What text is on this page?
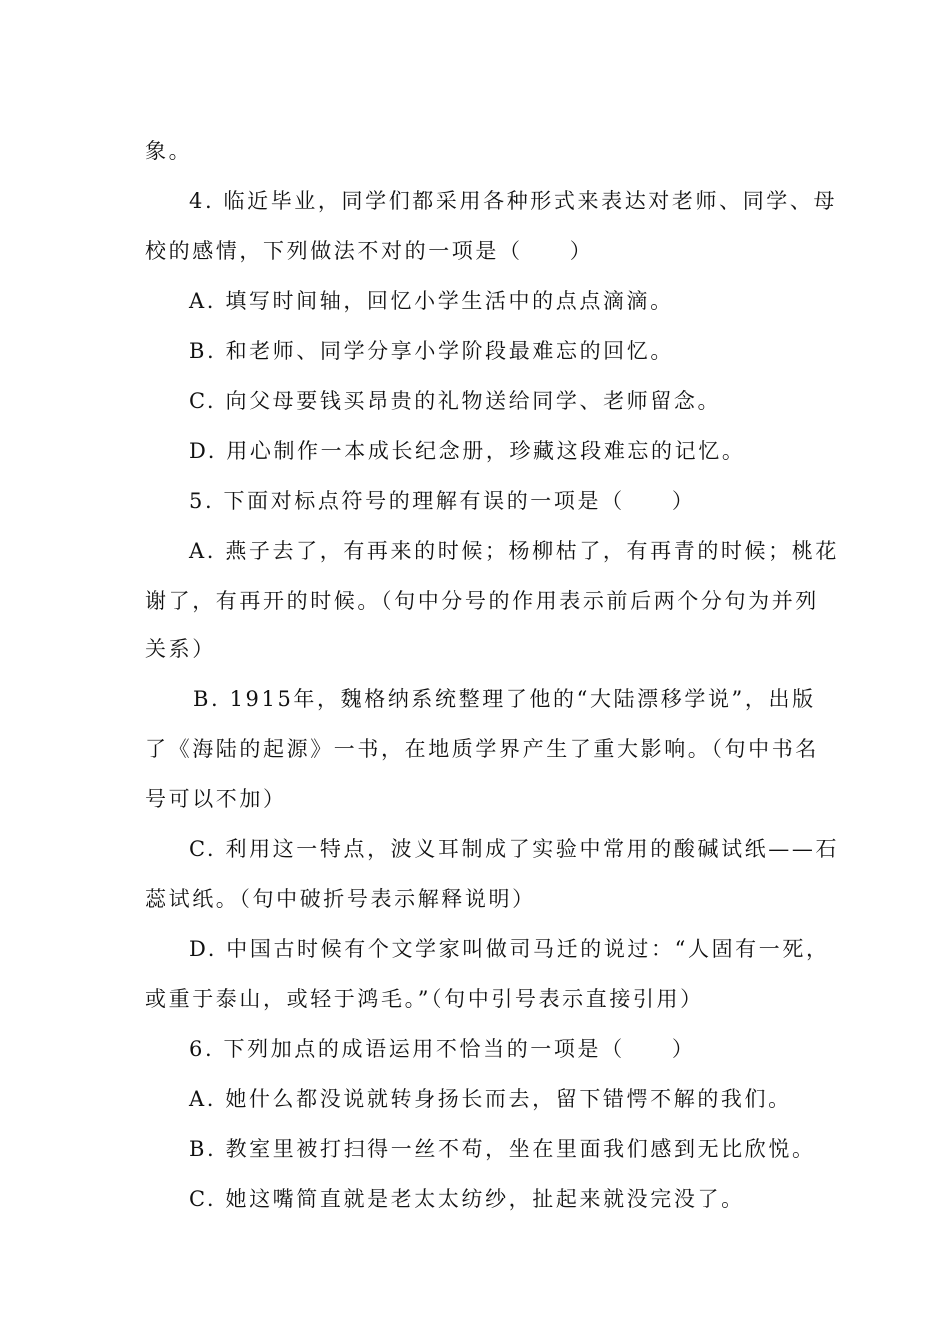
象。
4. 临近毕业，同学们都采用各种形式来表达对老师、同学、母
校的感情，下列做法不对的一项是（　　）
A. 填写时间轴，回忆小学生活中的点点滴滴。
B. 和老师、同学分享小学阶段最难忘的回忆。
C. 向父母要钱买昂贵的礼物送给同学、老师留念。
D. 用心制作一本成长纪念册，珍藏这段难忘的记忆。
5. 下面对标点符号的理解有误的一项是（　　）
A. 燕子去了，有再来的时候；杨柳枯了，有再青的时候；桃花
谢了，有再开的时候。（句中分号的作用表示前后两个分句为并列
关系）
B. 1915年，魏格纳系统整理了他的“大陆漂移学说”，出版
了《海陆的起源》一书，在地质学界产生了重大影响。（句中书名
号可以不加）
C. 利用这一特点，波义耳制成了实验中常用的酸碱试纸——石
蕊试纸。（句中破折号表示解释说明）
D. 中国古时候有个文学家叫做司马迁的说过：“人固有一死，
或重于泰山，或轻于鸿毛。”（句中引号表示直接引用）
6. 下列加点的成语运用不恰当的一项是（　　）
A. 她什么都没说就转身扬长而去，留下错愕不解的我们。
B. 教室里被打扫得一丝不苟，坐在里面我们感到无比欣悦。
C. 她这嘴简直就是老太太纺纱，扯起来就没完没了。
